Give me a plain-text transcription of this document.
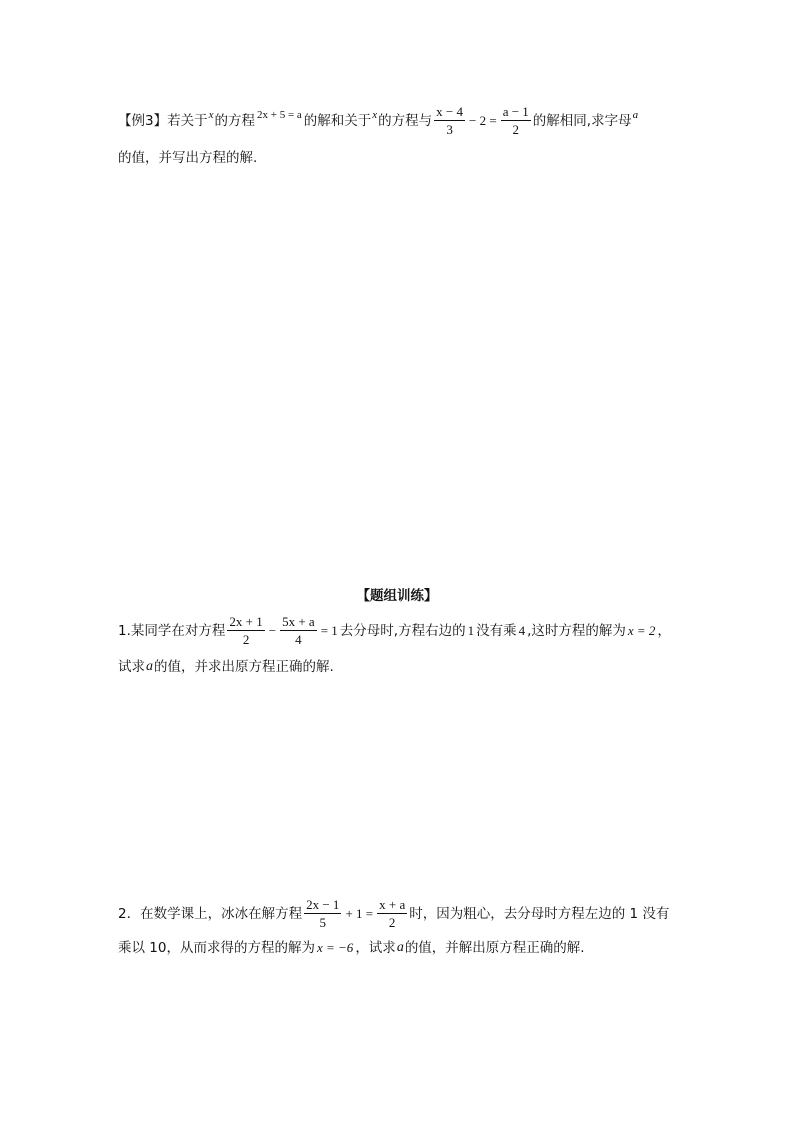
【例3】 若关于 x 的方程 2x + 5 = a 的解和关于 x 的方程与 $\frac{x - 4}{3} - 2 = \frac{a - 1}{2}$ 的解相同,求字母 a
的值，并写出方程的解.
【题组训练】
1.某同学在对方程 $\frac{2x + 1}{2} - \frac{5x + a}{4} = 1$ 去分母时,方程右边的 1 没有乘 4 ,这时方程的解为 x = 2 ，
试求 a 的值，并求出原方程正确的解.
2．在数学课上，冰冰在解方程 $\frac{2x - 1}{5} + 1 = \frac{x + a}{2}$ 时，因为粗心，去分母时方程左边的 1 没有
乘以 10，从而求得的方程的解为 x = −6 ，试求 a 的值，并解出原方程正确的解.
